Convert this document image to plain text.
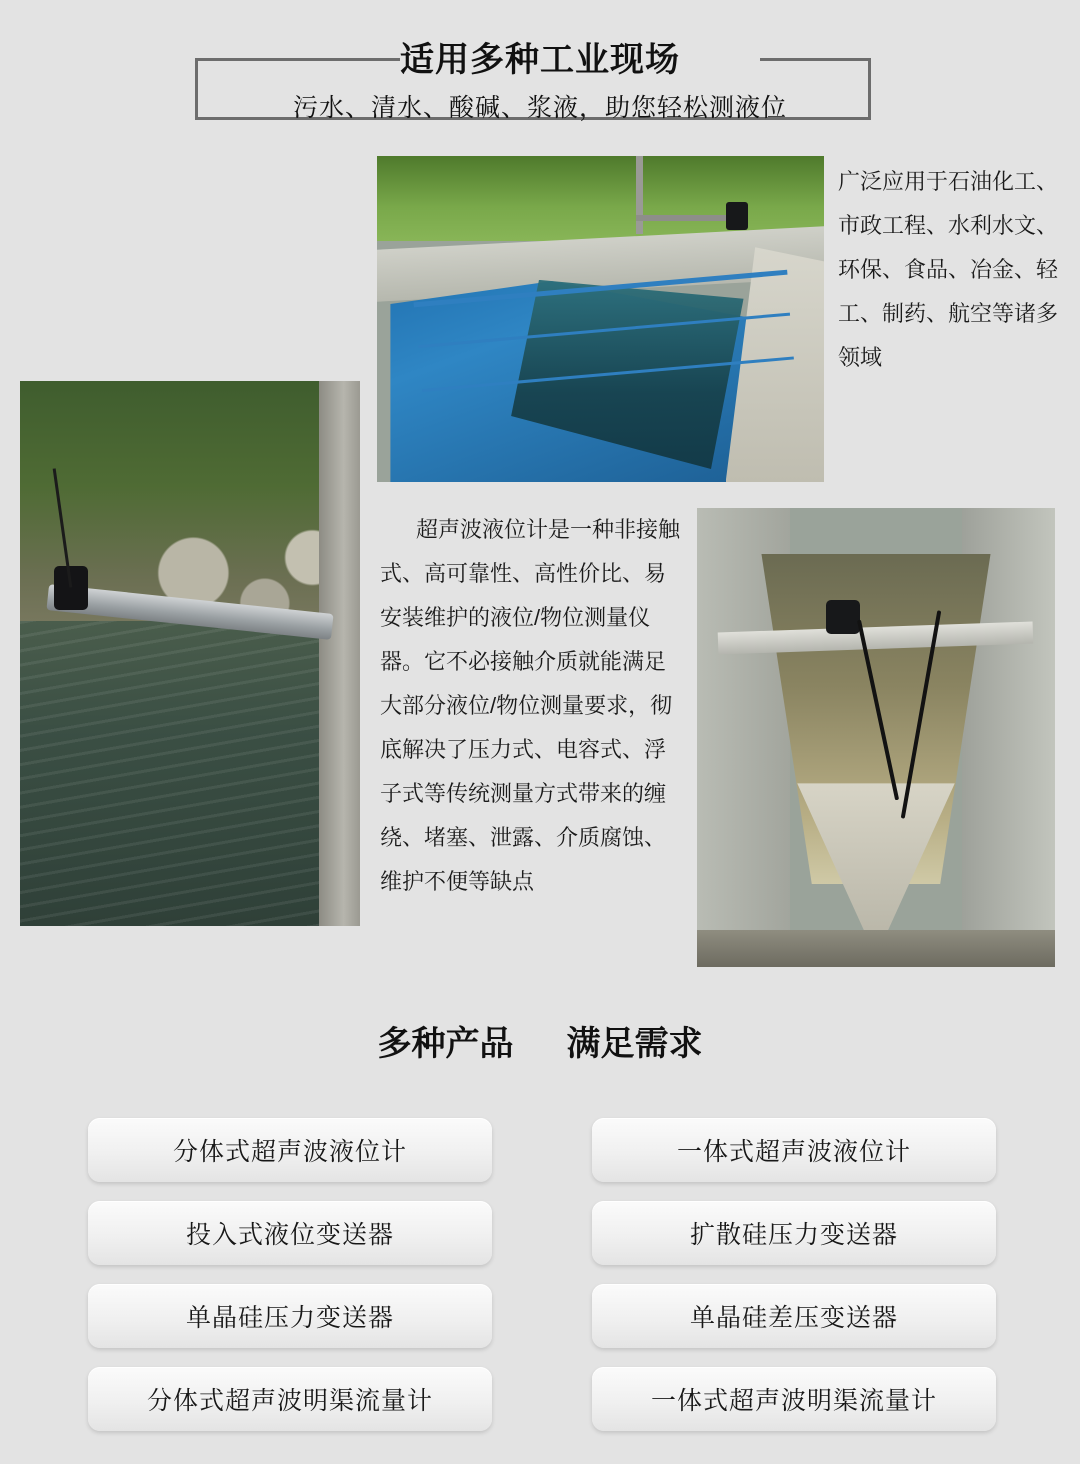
适用多种工业现场
污水、清水、酸碱、浆液，助您轻松测液位
广泛应用于石油化工、市政工程、水利水文、环保、食品、冶金、轻工、制药、航空等诸多领域
超声波液位计是一种非接触式、高可靠性、高性价比、易安装维护的液位/物位测量仪器。它不必接触介质就能满足大部分液位/物位测量要求，彻底解决了压力式、电容式、浮子式等传统测量方式带来的缠绕、堵塞、泄露、介质腐蚀、维护不便等缺点
多种产品 满足需求
分体式超声波液位计	一体式超声波液位计
投入式液位变送器	扩散硅压力变送器
单晶硅压力变送器	单晶硅差压变送器
分体式超声波明渠流量计	一体式超声波明渠流量计
